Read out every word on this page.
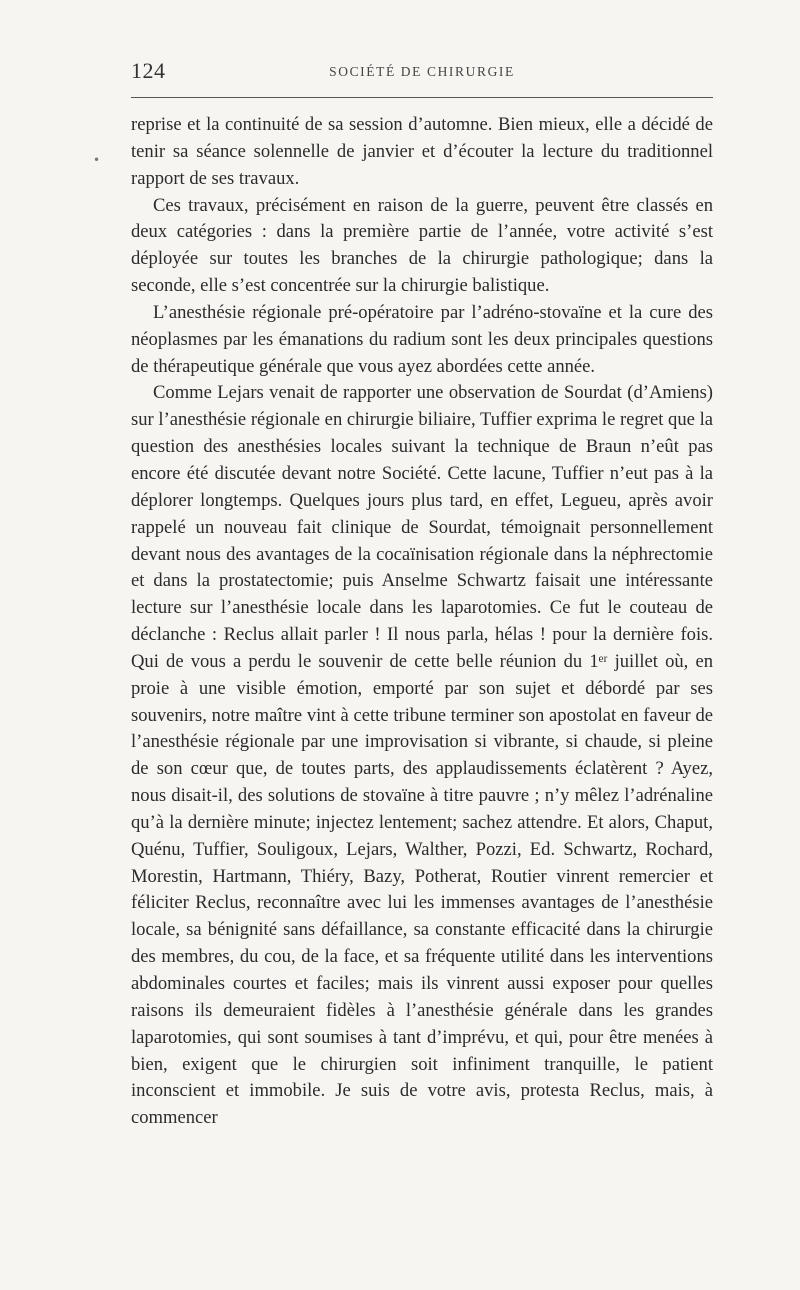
124	SOCIÉTÉ DE CHIRURGIE
•

reprise et la continuité de sa session d’automne. Bien mieux, elle a décidé de tenir sa séance solennelle de janvier et d’écouter la lecture du traditionnel rapport de ses travaux.

Ces travaux, précisément en raison de la guerre, peuvent être classés en deux catégories : dans la première partie de l’année, votre activité s’est déployée sur toutes les branches de la chirurgie pathologique; dans la seconde, elle s’est concentrée sur la chirurgie balistique.

L’anesthésie régionale pré-opératoire par l’adréno-stovaïne et la cure des néoplasmes par les émanations du radium sont les deux principales questions de thérapeutique générale que vous ayez abordées cette année.

Comme Lejars venait de rapporter une observation de Sourdat (d’Amiens) sur l’anesthésie régionale en chirurgie biliaire, Tuffier exprima le regret que la question des anesthésies locales suivant la technique de Braun n’eût pas encore été discutée devant notre Société. Cette lacune, Tuffier n’eut pas à la déplorer longtemps. Quelques jours plus tard, en effet, Legueu, après avoir rappelé un nouveau fait clinique de Sourdat, témoignait personnellement devant nous des avantages de la cocaïnisation régionale dans la néphrectomie et dans la prostatectomie; puis Anselme Schwartz faisait une intéressante lecture sur l’anesthésie locale dans les laparotomies. Ce fut le couteau de déclanche : Reclus allait parler ! Il nous parla, hélas ! pour la dernière fois. Qui de vous a perdu le souvenir de cette belle réunion du 1ᵉʳ juillet où, en proie à une visible émotion, emporté par son sujet et débordé par ses souvenirs, notre maître vint à cette tribune terminer son apostolat en faveur de l’anesthésie régionale par une improvisation si vibrante, si chaude, si pleine de son cœur que, de toutes parts, des applaudissements éclatèrent ? Ayez, nous disait-il, des solutions de stovaïne à titre pauvre ; n’y mêlez l’adrénaline qu’à la dernière minute; injectez lentement; sachez attendre. Et alors, Chaput, Quénu, Tuffier, Souligoux, Lejars, Walther, Pozzi, Ed. Schwartz, Rochard, Morestin, Hartmann, Thiéry, Bazy, Potherat, Routier vinrent remercier et féliciter Reclus, reconnaître avec lui les immenses avantages de l’anesthésie locale, sa bénignité sans défaillance, sa constante efficacité dans la chirurgie des membres, du cou, de la face, et sa fréquente utilité dans les interventions abdominales courtes et faciles; mais ils vinrent aussi exposer pour quelles raisons ils demeuraient fidèles à l’anesthésie générale dans les grandes laparotomies, qui sont soumises à tant d’imprévu, et qui, pour être menées à bien, exigent que le chirurgien soit infiniment tranquille, le patient inconscient et immobile. Je suis de votre avis, protesta Reclus, mais, à commencer
